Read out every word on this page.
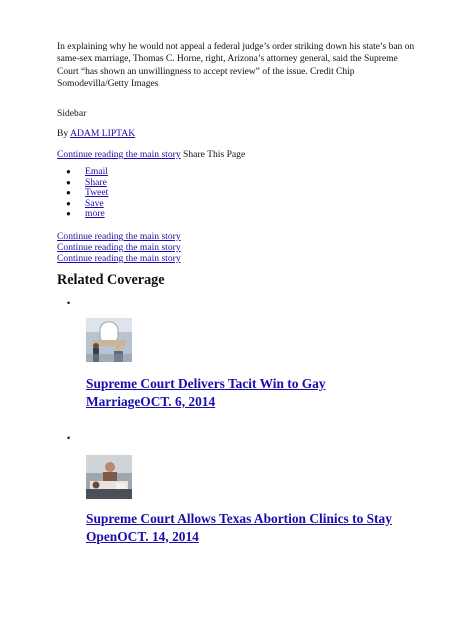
In explaining why he would not appeal a federal judge’s order striking down his state’s ban on same-sex marriage, Thomas C. Horne, right, Arizona’s attorney general, said the Supreme Court “has shown an unwillingness to accept review” of the issue. Credit Chip Somodevilla/Getty Images

Sidebar

By ADAM LIPTAK

Continue reading the main story Share This Page

● Email
● Share
● Tweet
● Save
● more
Continue reading the main story
Continue reading the main story
Continue reading the main story
Related Coverage
•

Supreme Court Delivers Tacit Win to Gay MarriageOCT. 6, 2014

•

Supreme Court Allows Texas Abortion Clinics to Stay OpenOCT. 14, 2014
